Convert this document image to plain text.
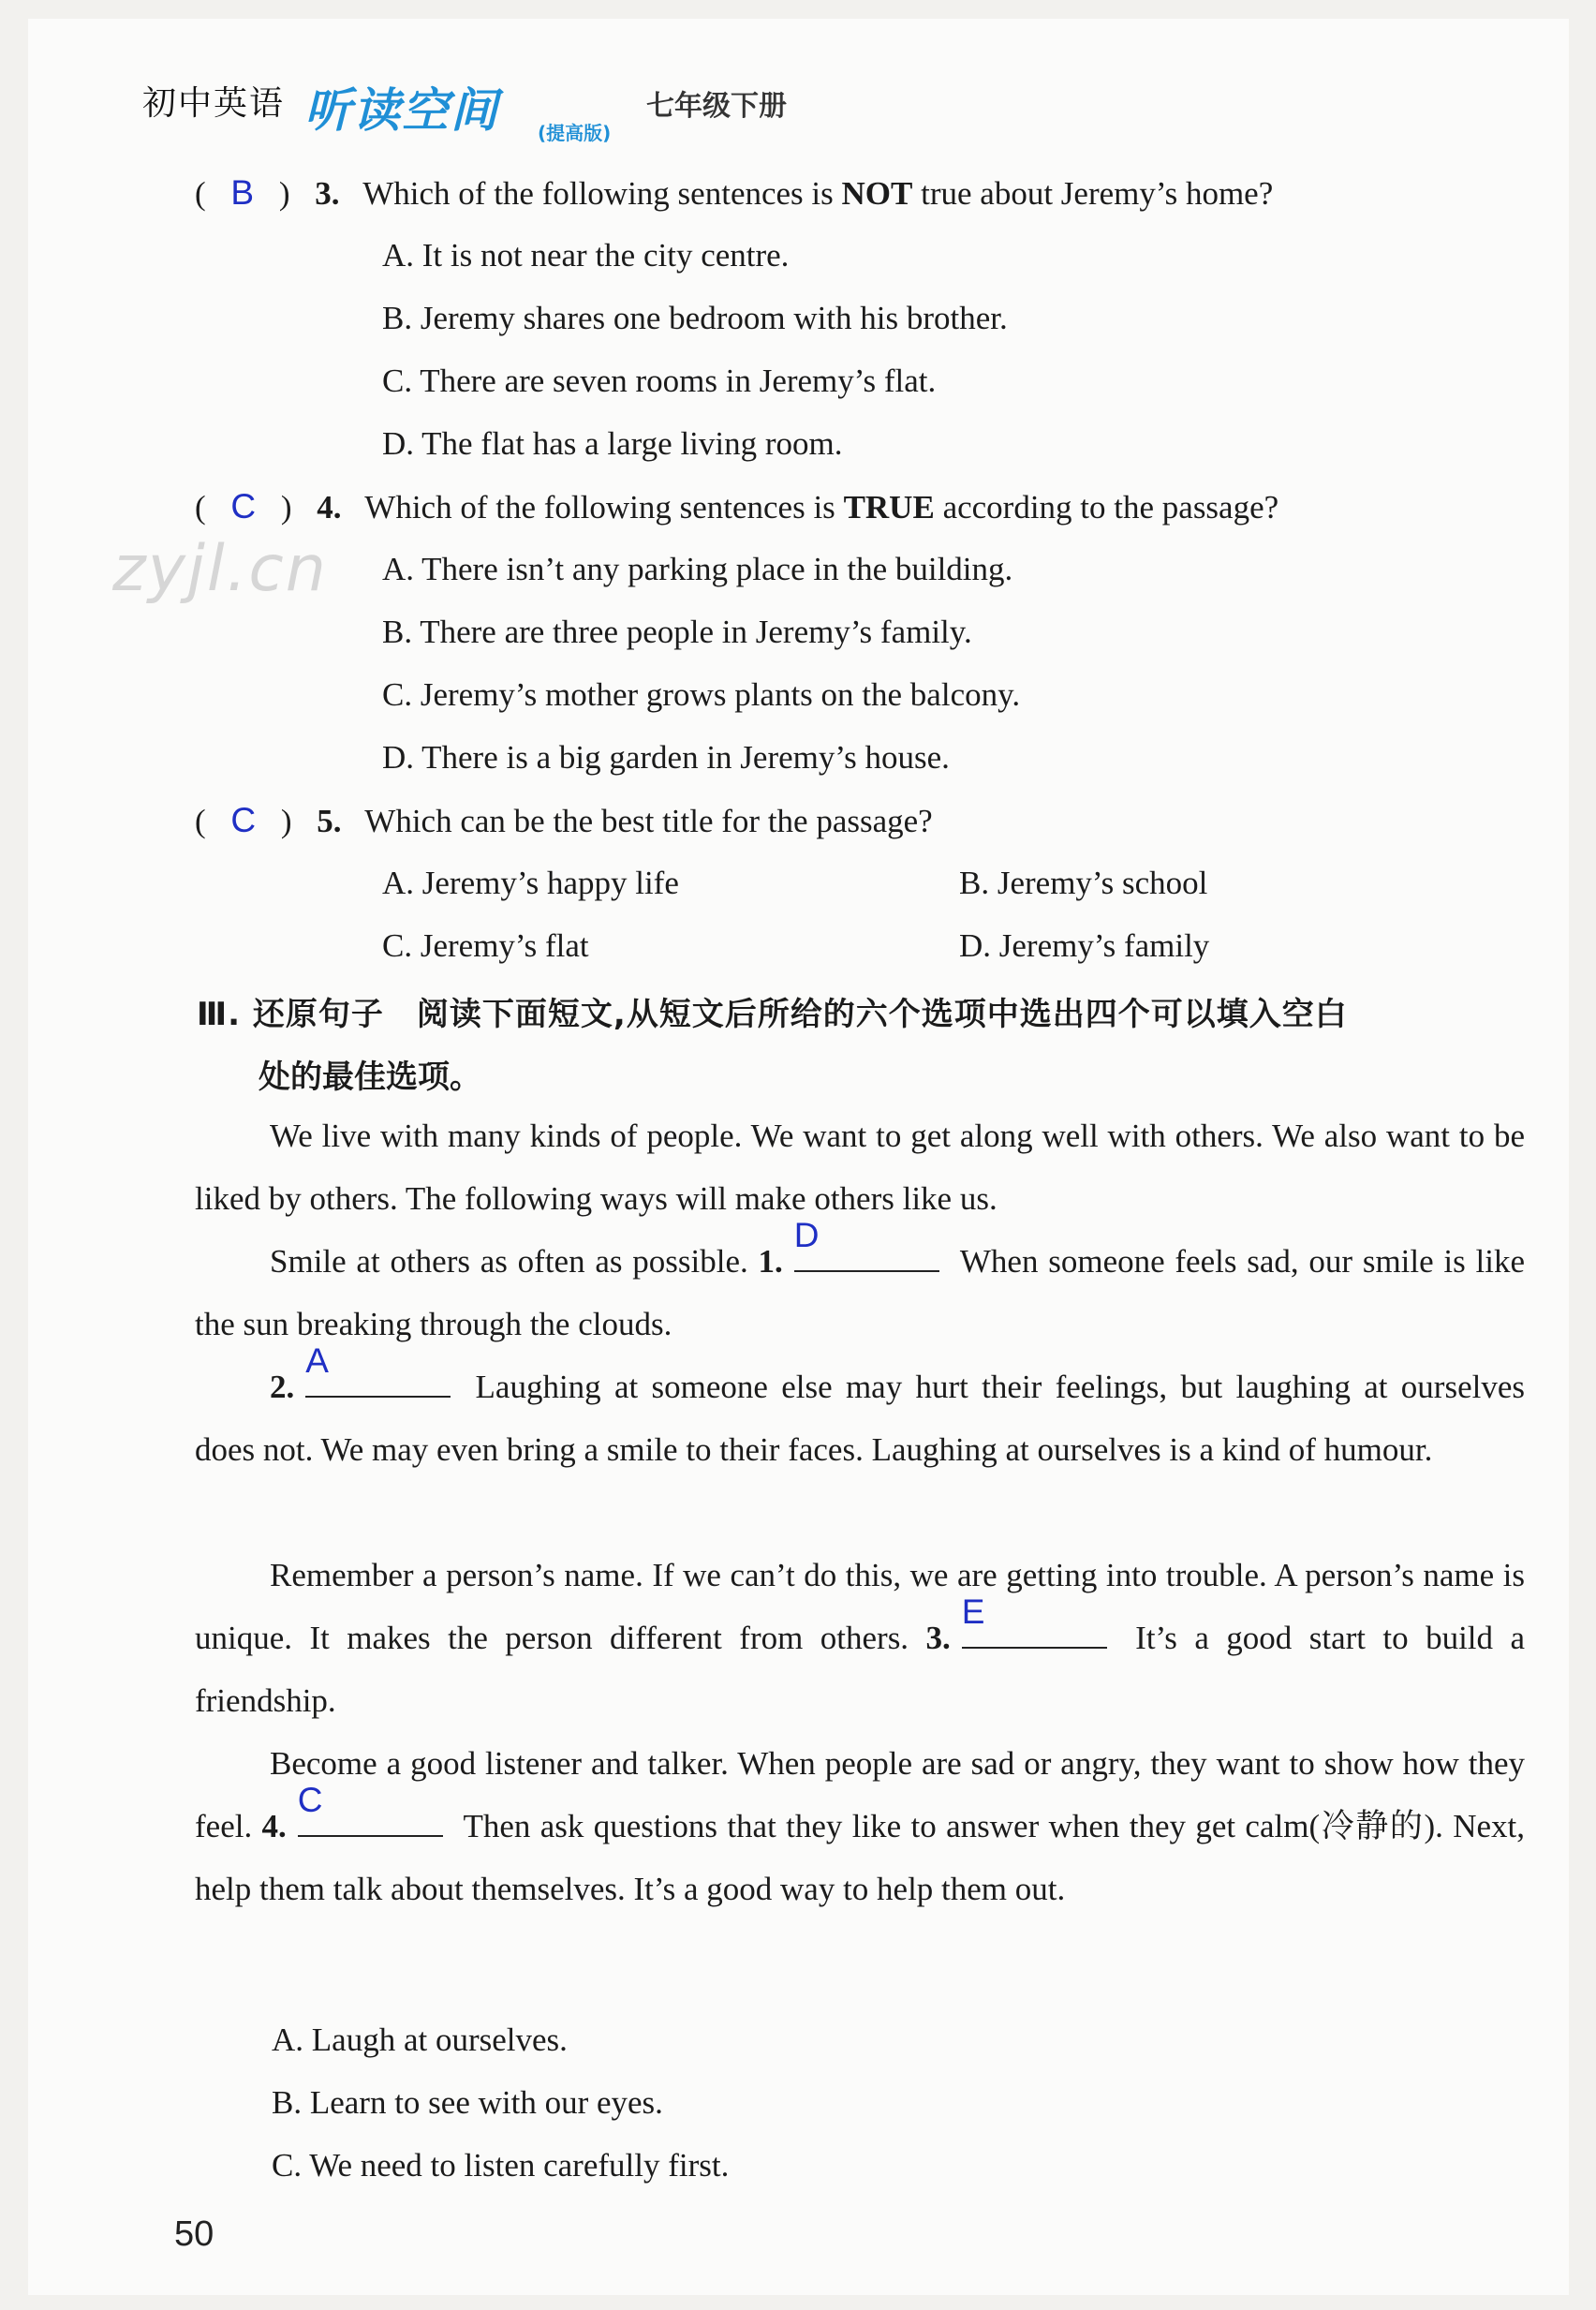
初中英语 听读空间 (提高版)
七年级下册
zyjl.cn
( B ) 3. Which of the following sentences is NOT true about Jeremy’s home?
A. It is not near the city centre.
B. Jeremy shares one bedroom with his brother.
C. There are seven rooms in Jeremy’s flat.
D. The flat has a large living room.
( C ) 4. Which of the following sentences is TRUE according to the passage?
A. There isn’t any parking place in the building.
B. There are three people in Jeremy’s family.
C. Jeremy’s mother grows plants on the balcony.
D. There is a big garden in Jeremy’s house.
( C ) 5. Which can be the best title for the passage?
A. Jeremy’s happy life	B. Jeremy’s school
C. Jeremy’s flat	D. Jeremy’s family
Ⅲ. 还原句子　阅读下面短文,从短文后所给的六个选项中选出四个可以填入空白
处的最佳选项。
We live with many kinds of people. We want to get along well with others. We also want to be liked by others. The following ways will make others like us.
Smile at others as often as possible. 1.
D
When someone feels sad, our smile is like the sun breaking through the clouds.
2.
A
Laughing at someone else may hurt their feelings, but laughing at ourselves does not. We may even bring a smile to their faces. Laughing at ourselves is a kind of humour.
Remember a person’s name. If we can’t do this, we are getting into trouble. A person’s name is unique. It makes the person different from others. 3.
E
It’s a good start to build a friendship.
Become a good listener and talker. When people are sad or angry, they want to show how they feel. 4.
C
Then ask questions that they like to answer when they get calm(冷静的). Next, help them talk about themselves. It’s a good way to help them out.
A. Laugh at ourselves.
B. Learn to see with our eyes.
C. We need to listen carefully first.
50
